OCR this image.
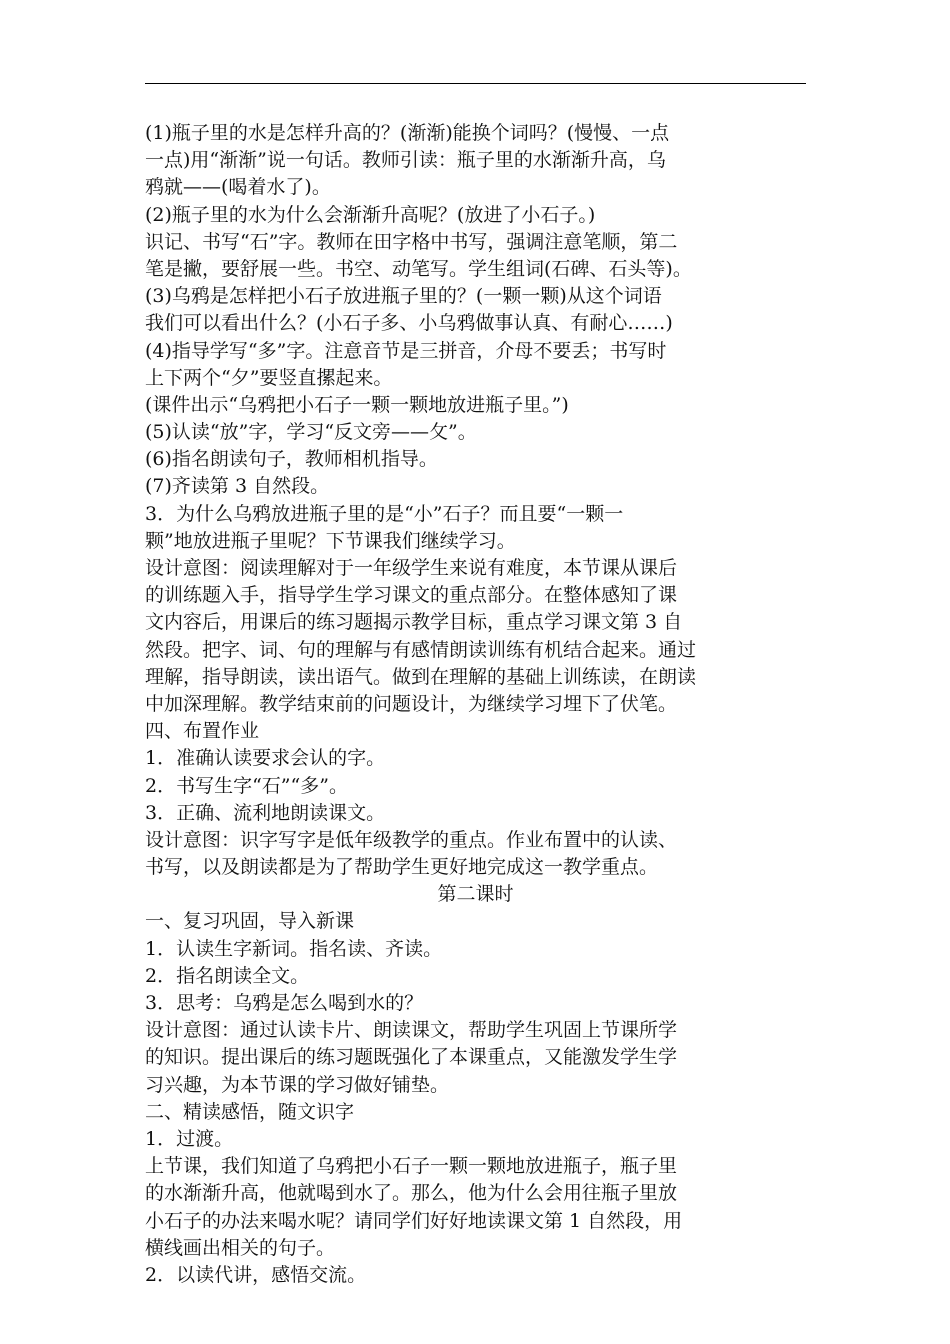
(1)瓶子里的水是怎样升高的？(渐渐)能换个词吗？(慢慢、一点
一点)用“渐渐”说一句话。教师引读：瓶子里的水渐渐升高，乌
鸦就——(喝着水了)。
(2)瓶子里的水为什么会渐渐升高呢？(放进了小石子。)
识记、书写“石”字。教师在田字格中书写，强调注意笔顺，第二
笔是撇，要舒展一些。书空、动笔写。学生组词(石碑、石头等)。
(3)乌鸦是怎样把小石子放进瓶子里的？(一颗一颗)从这个词语
我们可以看出什么？(小石子多、小乌鸦做事认真、有耐心……)
(4)指导学写“多”字。注意音节是三拼音，介母不要丢；书写时
上下两个“夕”要竖直摞起来。
(课件出示“乌鸦把小石子一颗一颗地放进瓶子里。”)
(5)认读“放”字，学习“反文旁——攵”。
(6)指名朗读句子，教师相机指导。
(7)齐读第 3 自然段。
3．为什么乌鸦放进瓶子里的是“小”石子？而且要“一颗一
颗”地放进瓶子里呢？下节课我们继续学习。
设计意图：阅读理解对于一年级学生来说有难度，本节课从课后
的训练题入手，指导学生学习课文的重点部分。在整体感知了课
文内容后，用课后的练习题揭示教学目标，重点学习课文第 3 自
然段。把字、词、句的理解与有感情朗读训练有机结合起来。通过
理解，指导朗读，读出语气。做到在理解的基础上训练读，在朗读
中加深理解。教学结束前的问题设计，为继续学习埋下了伏笔。
四、布置作业
1．准确认读要求会认的字。
2．书写生字“石”“多”。
3．正确、流利地朗读课文。
设计意图：识字写字是低年级教学的重点。作业布置中的认读、
书写，以及朗读都是为了帮助学生更好地完成这一教学重点。
第二课时
一、复习巩固，导入新课
1．认读生字新词。指名读、齐读。
2．指名朗读全文。
3．思考：乌鸦是怎么喝到水的？
设计意图：通过认读卡片、朗读课文，帮助学生巩固上节课所学
的知识。提出课后的练习题既强化了本课重点，又能激发学生学
习兴趣，为本节课的学习做好铺垫。
二、精读感悟，随文识字
1．过渡。
上节课，我们知道了乌鸦把小石子一颗一颗地放进瓶子，瓶子里
的水渐渐升高，他就喝到水了。那么，他为什么会用往瓶子里放
小石子的办法来喝水呢？请同学们好好地读课文第 1 自然段，用
横线画出相关的句子。
2．以读代讲，感悟交流。
